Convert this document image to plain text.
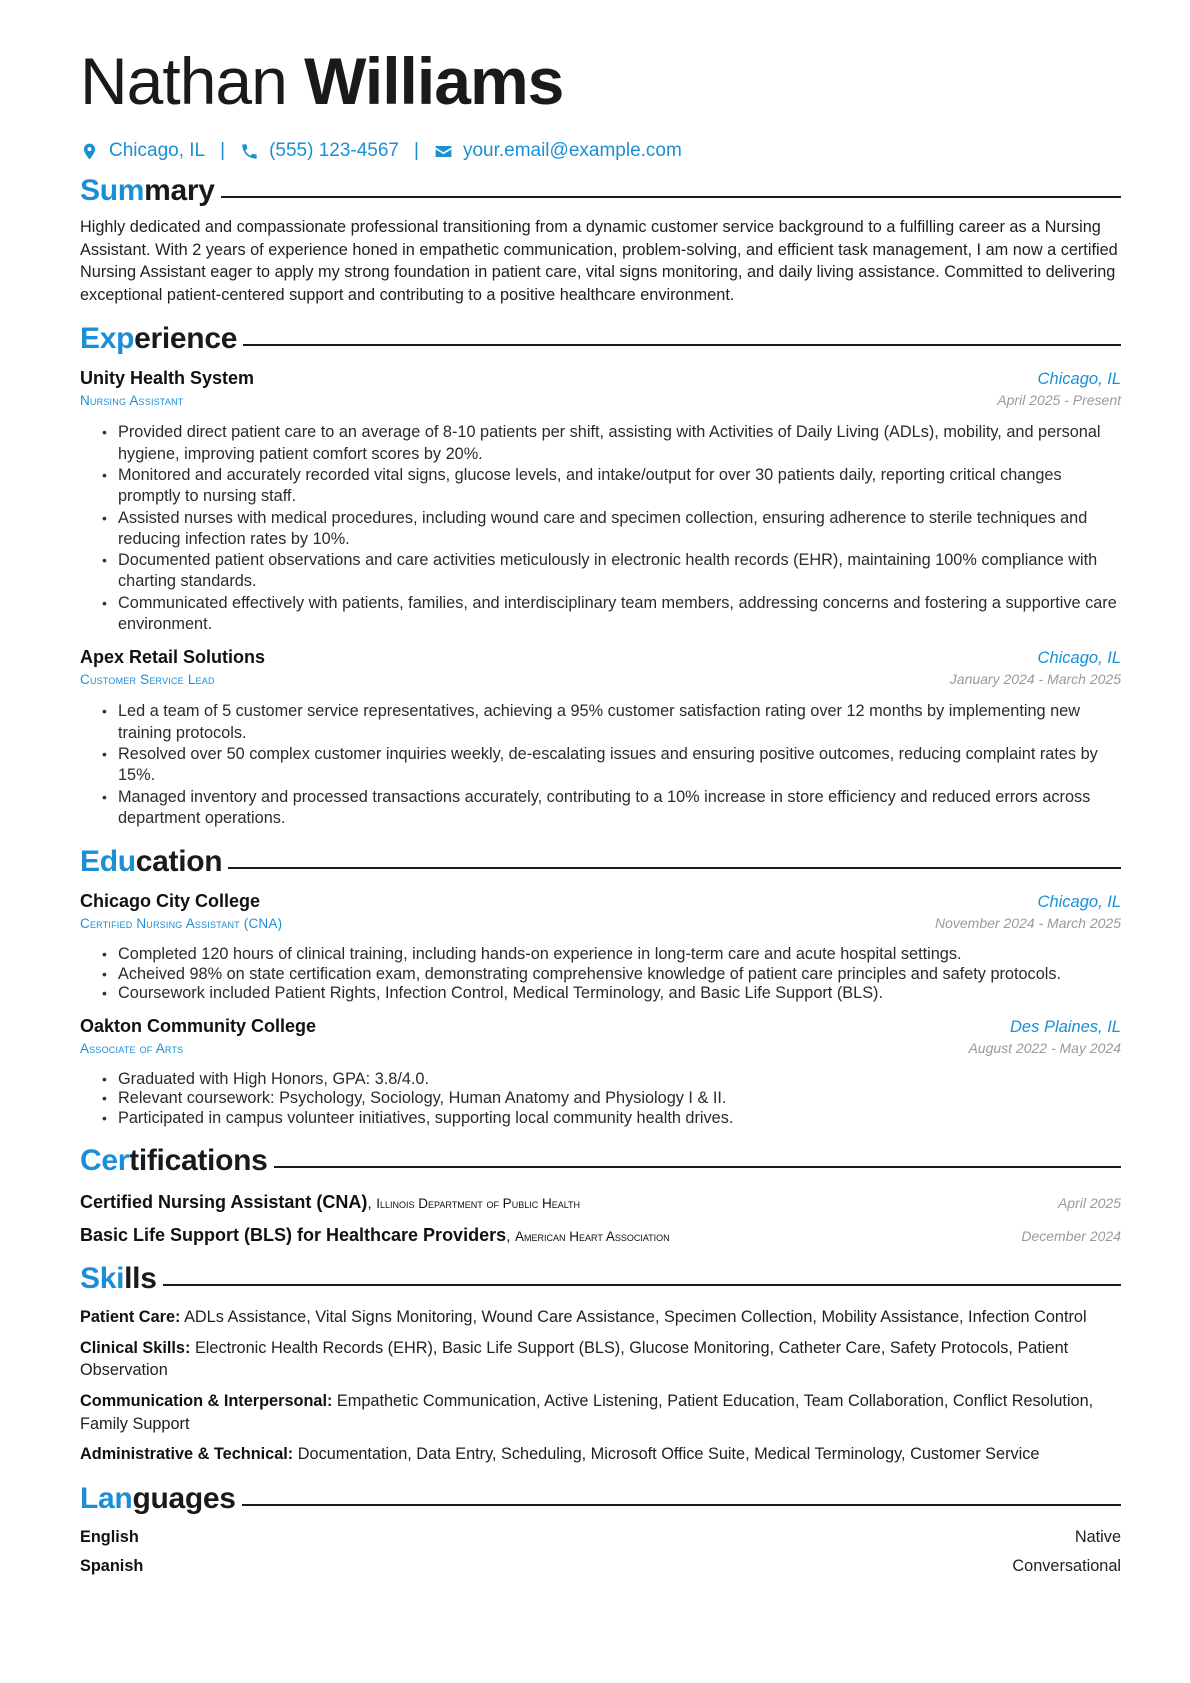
Nathan Williams
Chicago, IL | (555) 123-4567 | your.email@example.com
Summary

Highly dedicated and compassionate professional transitioning from a dynamic customer service background to a fulfilling career as a Nursing Assistant. With 2 years of experience honed in empathetic communication, problem-solving, and efficient task management, I am now a certified Nursing Assistant eager to apply my strong foundation in patient care, vital signs monitoring, and daily living assistance. Committed to delivering exceptional patient-centered support and contributing to a positive healthcare environment.

Experience
Unity Health System	Chicago, IL
Nursing Assistant	April 2025 - Present
• Provided direct patient care to an average of 8-10 patients per shift, assisting with Activities of Daily Living (ADLs), mobility, and personal hygiene, improving patient comfort scores by 20%.
• Monitored and accurately recorded vital signs, glucose levels, and intake/output for over 30 patients daily, reporting critical changes promptly to nursing staff.
• Assisted nurses with medical procedures, including wound care and specimen collection, ensuring adherence to sterile techniques and reducing infection rates by 10%.
• Documented patient observations and care activities meticulously in electronic health records (EHR), maintaining 100% compliance with charting standards.
• Communicated effectively with patients, families, and interdisciplinary team members, addressing concerns and fostering a supportive care environment.
Apex Retail Solutions	Chicago, IL
Customer Service Lead	January 2024 - March 2025
• Led a team of 5 customer service representatives, achieving a 95% customer satisfaction rating over 12 months by implementing new training protocols.
• Resolved over 50 complex customer inquiries weekly, de-escalating issues and ensuring positive outcomes, reducing complaint rates by 15%.
• Managed inventory and processed transactions accurately, contributing to a 10% increase in store efficiency and reduced errors across department operations.
Education
Chicago City College	Chicago, IL
Certified Nursing Assistant (CNA)	November 2024 - March 2025
• Completed 120 hours of clinical training, including hands-on experience in long-term care and acute hospital settings.
• Acheived 98% on state certification exam, demonstrating comprehensive knowledge of patient care principles and safety protocols.
• Coursework included Patient Rights, Infection Control, Medical Terminology, and Basic Life Support (BLS).
Oakton Community College	Des Plaines, IL
Associate of Arts	August 2022 - May 2024
• Graduated with High Honors, GPA: 3.8/4.0.
• Relevant coursework: Psychology, Sociology, Human Anatomy and Physiology I & II.
• Participated in campus volunteer initiatives, supporting local community health drives.
Certifications
Certified Nursing Assistant (CNA), Illinois Department of Public Health	April 2025
Basic Life Support (BLS) for Healthcare Providers, American Heart Association	December 2024
Skills

Patient Care: ADLs Assistance, Vital Signs Monitoring, Wound Care Assistance, Specimen Collection, Mobility Assistance, Infection Control

Clinical Skills: Electronic Health Records (EHR), Basic Life Support (BLS), Glucose Monitoring, Catheter Care, Safety Protocols, Patient Observation

Communication & Interpersonal: Empathetic Communication, Active Listening, Patient Education, Team Collaboration, Conflict Resolution, Family Support

Administrative & Technical: Documentation, Data Entry, Scheduling, Microsoft Office Suite, Medical Terminology, Customer Service

Languages
English	Native
Spanish	Conversational
